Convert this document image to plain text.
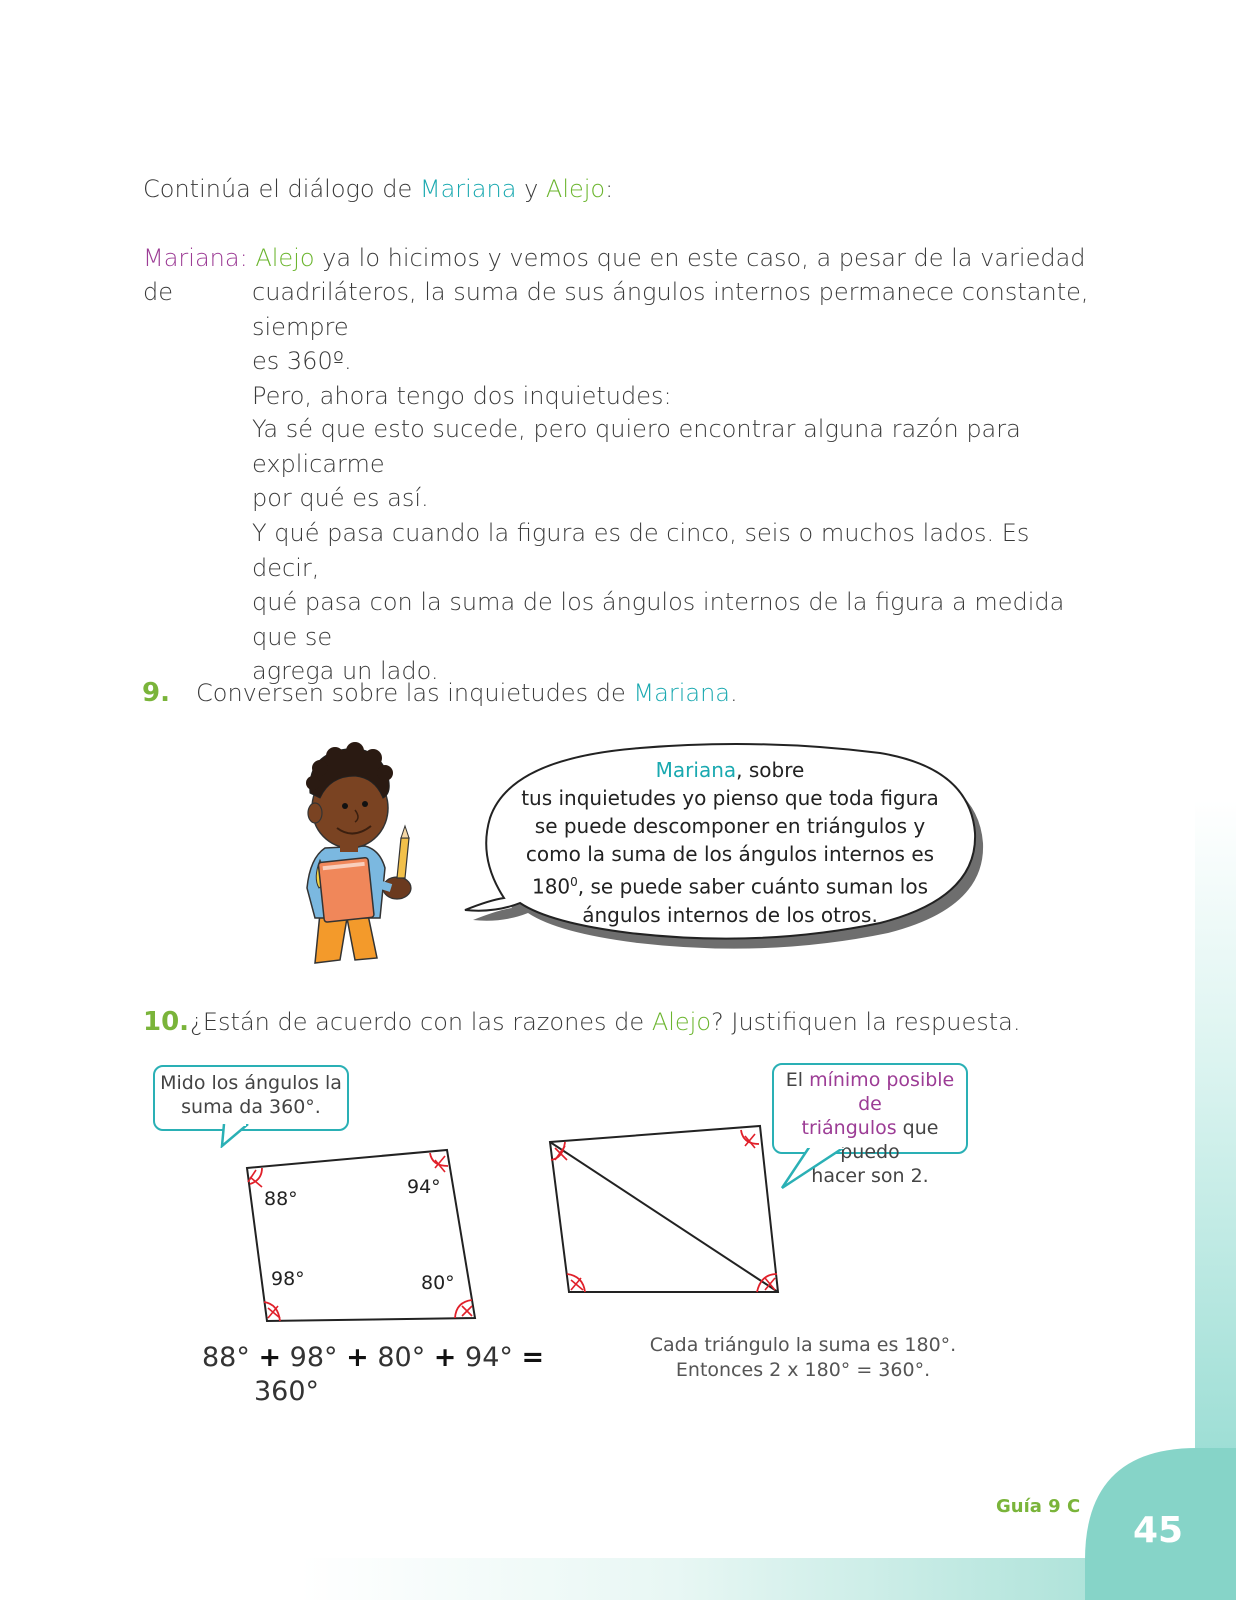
Continúa el diálogo de Mariana y Alejo:
Mariana: Alejo ya lo hicimos y vemos que en este caso, a pesar de la variedad de	cuadriláteros, la suma de sus ángulos internos permanece constante, siempre
es 360º.
Pero, ahora tengo dos inquietudes:
Ya sé que esto sucede, pero quiero encontrar alguna razón para explicarme
por qué es así.
Y qué pasa cuando la figura es de cinco, seis o muchos lados. Es decir,
qué pasa con la suma de los ángulos internos de la figura a medida que se
agrega un lado.
9. Conversen sobre las inquietudes de Mariana.
Mariana, sobre
tus inquietudes yo pienso que toda figura
se puede descomponer en triángulos y
como la suma de los ángulos internos es
$180^0$, se puede saber cuánto suman los
ángulos internos de los otros.
10. ¿Están de acuerdo con las razones de Alejo? Justifiquen la respuesta.
Mido los ángulos la
suma da 360°.
88°
94°
98°	80°
88° + 98° + 80° + 94° =
360°
El mínimo posible de
triángulos que puedo
hacer son 2.
Cada triángulo la suma es 180°.
Entonces 2 x 180° = 360°.
Guía 9 C
45
